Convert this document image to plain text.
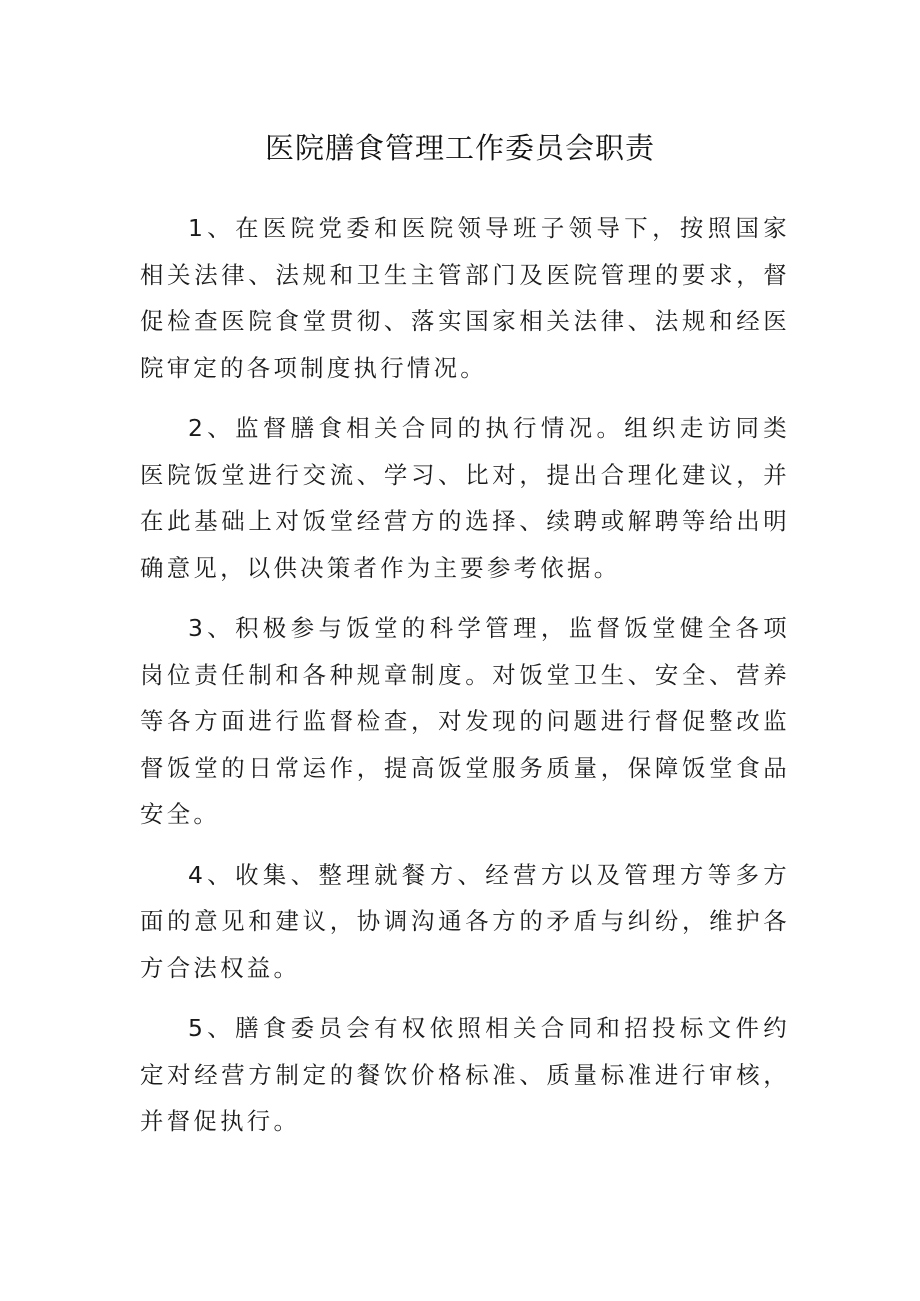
医院膳食管理工作委员会职责

1、在医院党委和医院领导班子领导下，按照国家相关法律、法规和卫生主管部门及医院管理的要求，督促检查医院食堂贯彻、落实国家相关法律、法规和经医院审定的各项制度执行情况。

2、监督膳食相关合同的执行情况。组织走访同类医院饭堂进行交流、学习、比对，提出合理化建议，并在此基础上对饭堂经营方的选择、续聘或解聘等给出明确意见，以供决策者作为主要参考依据。

3、积极参与饭堂的科学管理，监督饭堂健全各项岗位责任制和各种规章制度。对饭堂卫生、安全、营养等各方面进行监督检查，对发现的问题进行督促整改监督饭堂的日常运作，提高饭堂服务质量，保障饭堂食品安全。

4、收集、整理就餐方、经营方以及管理方等多方面的意见和建议，协调沟通各方的矛盾与纠纷，维护各方合法权益。

5、膳食委员会有权依照相关合同和招投标文件约定对经营方制定的餐饮价格标准、质量标准进行审核，并督促执行。
